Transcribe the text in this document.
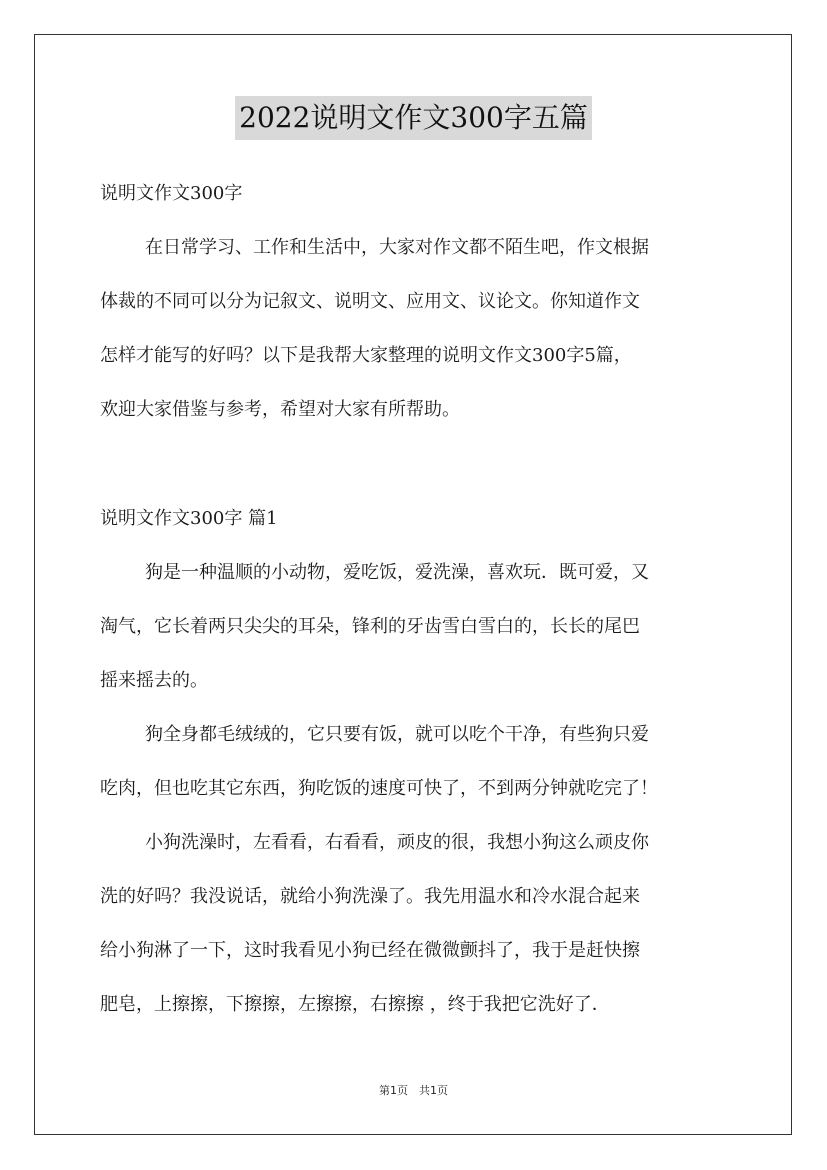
2022说明文作文300字五篇
说明文作文300字
在日常学习、工作和生活中，大家对作文都不陌生吧，作文根据
体裁的不同可以分为记叙文、说明文、应用文、议论文。你知道作文
怎样才能写的好吗？以下是我帮大家整理的说明文作文300字5篇，
欢迎大家借鉴与参考，希望对大家有所帮助。
说明文作文300字 篇1
狗是一种温顺的小动物，爱吃饭，爱洗澡，喜欢玩．既可爱，又
淘气，它长着两只尖尖的耳朵，锋利的牙齿雪白雪白的，长长的尾巴
摇来摇去的。
狗全身都毛绒绒的，它只要有饭，就可以吃个干净，有些狗只爱
吃肉，但也吃其它东西，狗吃饭的速度可快了，不到两分钟就吃完了！
小狗洗澡时，左看看，右看看，顽皮的很，我想小狗这么顽皮你
洗的好吗？我没说话，就给小狗洗澡了。我先用温水和冷水混合起来
给小狗淋了一下，这时我看见小狗已经在微微颤抖了，我于是赶快擦
肥皂，上擦擦，下擦擦，左擦擦，右擦擦 ，终于我把它洗好了．
第1页　共1页
